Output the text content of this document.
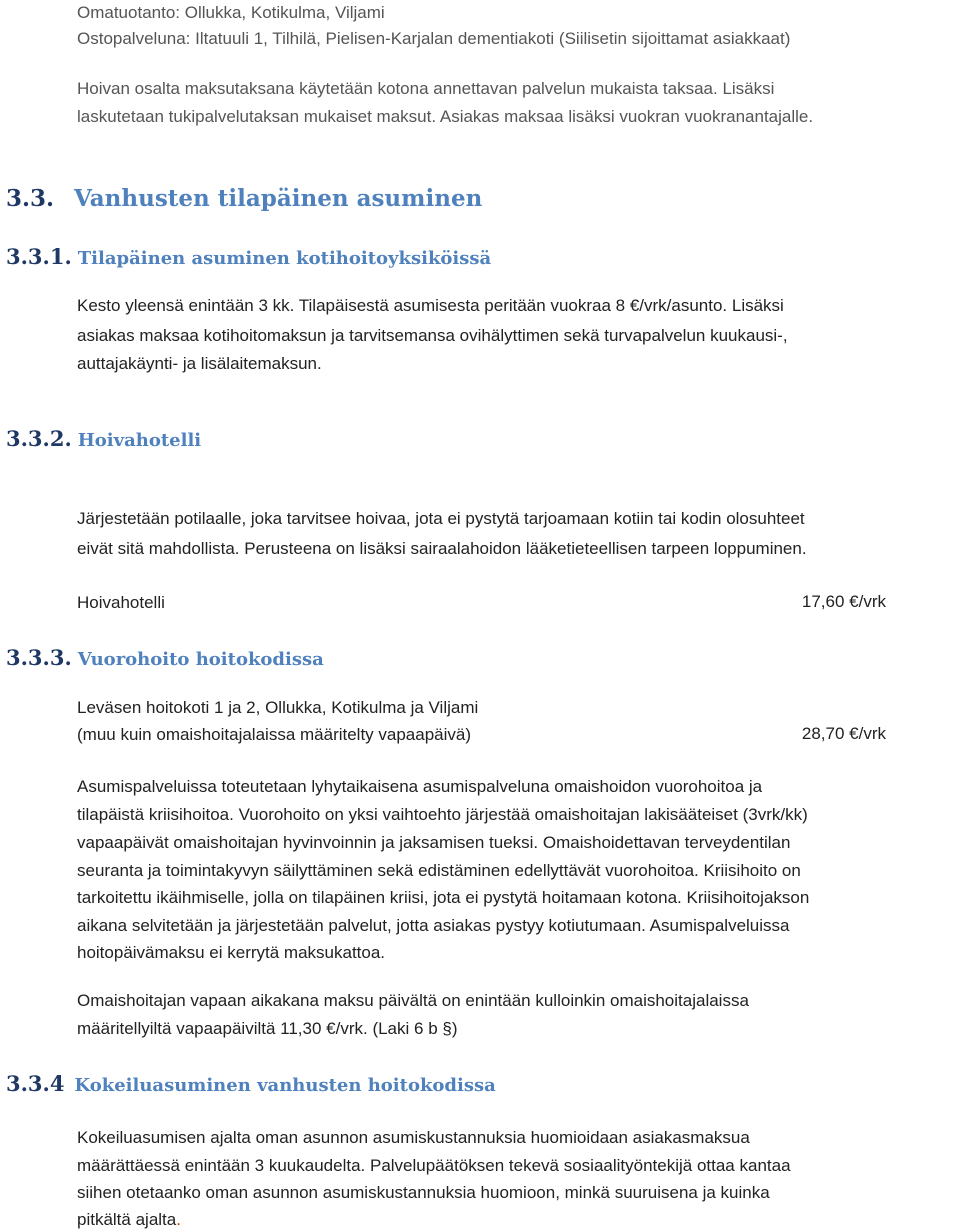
Omatuotanto: Ollukka, Kotikulma, Viljami
Ostopalveluna: Iltatuuli 1, Tilhilä, Pielisen-Karjalan dementiakoti (Siilisetin sijoittamat asiakkaat)
Hoivan osalta maksutaksana käytetään kotona annettavan palvelun mukaista taksaa. Lisäksi
laskutetaan tukipalvelutaksan mukaiset maksut. Asiakas maksaa lisäksi vuokran vuokranantajalle.
3.3. Vanhusten tilapäinen asuminen
3.3.1. Tilapäinen asuminen kotihoitoyksiköissä
Kesto yleensä enintään 3 kk. Tilapäisestä asumisesta peritään vuokraa 8 €/vrk/asunto. Lisäksi
asiakas maksaa kotihoitomaksun ja tarvitsemansa ovihälyttimen sekä turvapalvelun kuukausi-,
auttajakäynti- ja lisälaitemaksun.
3.3.2. Hoivahotelli
Järjestetään potilaalle, joka tarvitsee hoivaa, jota ei pystytä tarjoamaan kotiin tai kodin olosuhteet
eivät sitä mahdollista. Perusteena on lisäksi sairaalahoidon lääketieteellisen tarpeen loppuminen.
Hoivahotelli	17,60 €/vrk
3.3.3. Vuorohoito hoitokodissa
Leväsen hoitokoti 1 ja 2, Ollukka, Kotikulma ja Viljami
(muu kuin omaishoitajalaissa määritelty vapaapäivä)	28,70 €/vrk
Asumispalveluissa toteutetaan lyhytaikaisena asumispalveluna omaishoidon vuorohoitoa ja
tilapäistä kriisihoitoa. Vuorohoito on yksi vaihtoehto järjestää omaishoitajan lakisääteiset (3vrk/kk)
vapaapäivät omaishoitajan hyvinvoinnin ja jaksamisen tueksi. Omaishoidettavan terveydentilan
seuranta ja toimintakyvyn säilyttäminen sekä edistäminen edellyttävät vuorohoitoa. Kriisihoito on
tarkoitettu ikäihmiselle, jolla on tilapäinen kriisi, jota ei pystytä hoitamaan kotona. Kriisihoitojakson
aikana selvitetään ja järjestetään palvelut, jotta asiakas pystyy kotiutumaan. Asumispalveluissa
hoitopäivämaksu ei kerrytä maksukattoa.
Omaishoitajan vapaan aikakana maksu päivältä on enintään kulloinkin omaishoitajalaissa
määritellyiltä vapaapäiviltä 11,30 €/vrk. (Laki 6 b §)
3.3.4 Kokeiluasuminen vanhusten hoitokodissa
Kokeiluasumisen ajalta oman asunnon asumiskustannuksia huomioidaan asiakasmaksua
määrättäessä enintään 3 kuukaudelta. Palvelupäätöksen tekevä sosiaalityöntekijä ottaa kantaa
siihen otetaanko oman asunnon asumiskustannuksia huomioon, minkä suuruisena ja kuinka
pitkältä ajalta.
